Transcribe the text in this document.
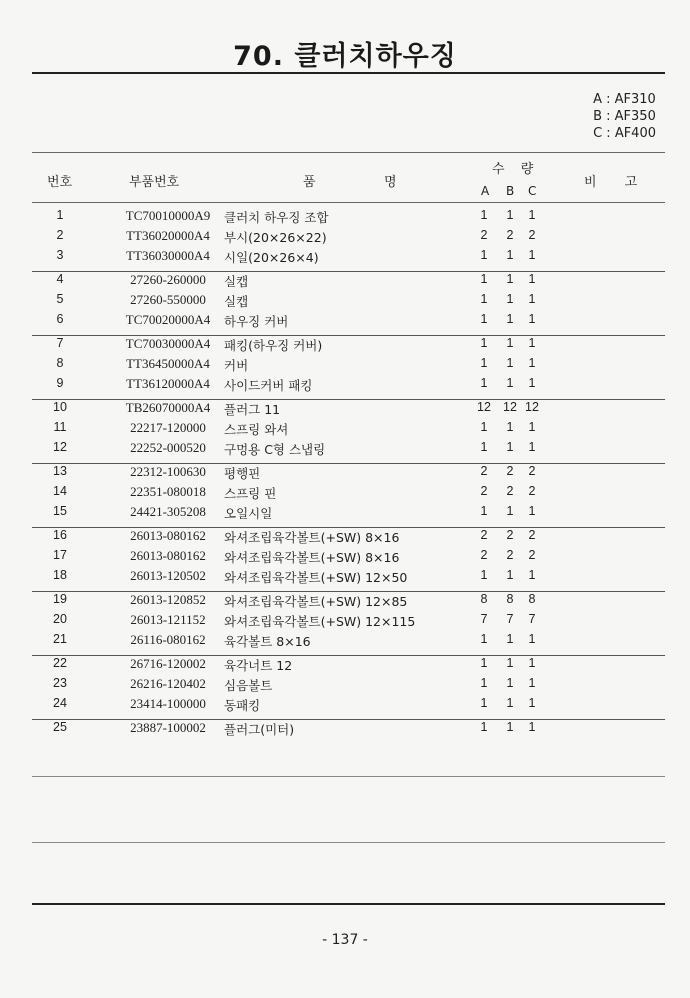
70. 클러치하우징
A : AF310
B : AF350
C : AF400
번호	부품번호	품	명
수 량
A B C
비 고
1	TC70010000A9	클러치 하우징 조합	1	1	1
2	TT36020000A4	부시(20×26×22)	2	2	2
3	TT36030000A4	시일(20×26×4)	1	1	1
4	27260-260000	실캡	1	1	1
5	27260-550000	실캡	1	1	1
6	TC70020000A4	하우징 커버	1	1	1
7	TC70030000A4	패킹(하우징 커버)	1	1	1
8	TT36450000A4	커버	1	1	1
9	TT36120000A4	사이드커버 패킹	1	1	1
10	TB26070000A4	플러그 11	12 12 12
11	22217-120000	스프링 와셔	1	1	1
12	22252-000520	구멍용 C형 스냅링	1	1	1
13	22312-100630	평행핀	2	2	2
14	22351-080018	스프링 핀	2	2	2
15	24421-305208	오일시일	1	1	1
16	26013-080162	와셔조립육각볼트(+SW) 8×16	2	2	2
17	26013-080162	와셔조립육각볼트(+SW) 8×16	2	2	2
18	26013-120502	와셔조립육각볼트(+SW) 12×50	1	1	1
19	26013-120852	와셔조립육각볼트(+SW) 12×85	8	8	8
20	26013-121152	와셔조립육각볼트(+SW) 12×115	7	7	7
21	26116-080162	육각볼트 8×16	1	1	1
22	26716-120002	육각너트 12	1	1	1
23	26216-120402	심음볼트	1	1	1
24	23414-100000	동패킹	1	1	1
25	23887-100002	플러그(미터)	1	1	1
- 137 -
